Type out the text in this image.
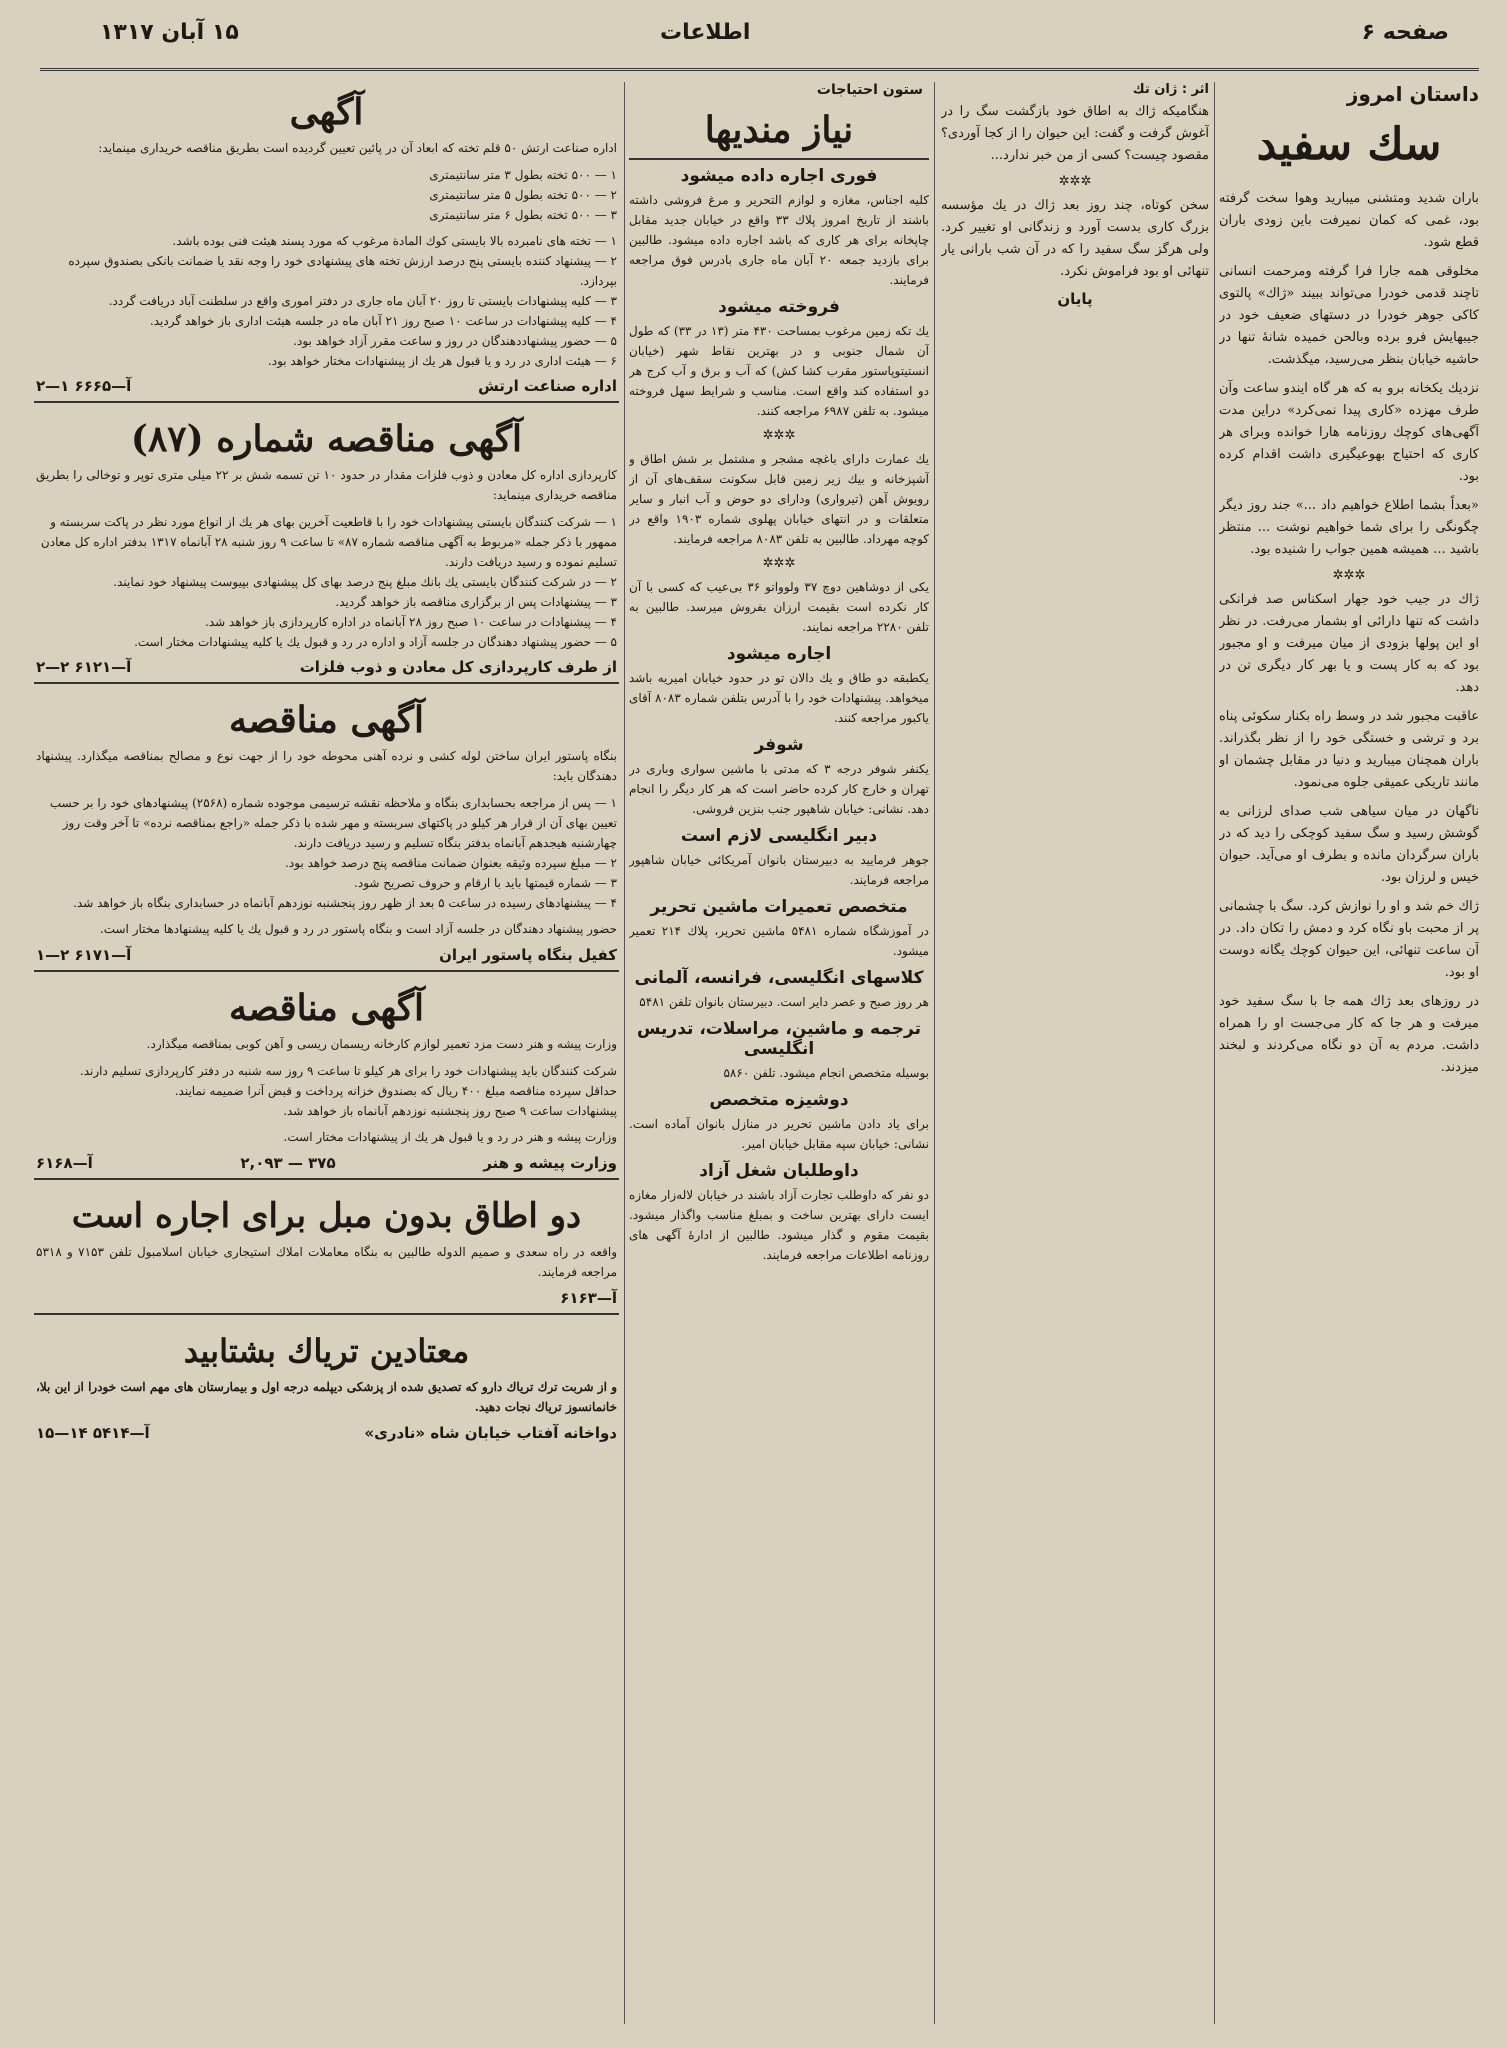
صفحه ۶
اطلاعات
۱۵ آبان ۱۳۱۷
داستان امروز
سك سفيد

باران شدید ومتشنی میبارید وهوا سخت گرفته بود، غمی که کمان نمیرفت باین زودی باران قطع شود.

مخلوقی همه جارا فرا گرفته ومرحمت انسانی تاچند قدمی خودرا می‌تواند ببیند «ژاك» پالتوی کاکی جوهر خودرا در دستهای ضعیف خود در جیبهایش فرو برده وبالحن خمیده شانهٔ تنها در حاشیه خیابان بنظر می‌رسید، میگذشت.

نزدیك یکخانه برو به که هر گاه ایندو ساعت وآن طرف مهزده «کاری پیدا نمی‌کرد» دراین مدت آگهی‌های کوچك روزنامه هارا خوانده وبرای هر کاری که احتیاج بهوعیگیری داشت اقدام کرده بود.

«بعداً بشما اطلاع خواهیم داد ...» جند روز دیگر چگونگی را برای شما خواهیم نوشت ... منتظر باشید ... همیشه همین جواب را شنیده بود.

✲✲✲

ژاك در جیب خود جهار اسکناس صد فرانکی داشت که تنها دارائی او بشمار می‌رفت. در نظر او این پولها بزودی از میان میرفت و او مجبور بود که به کار پست و یا بهر کار دیگری تن در دهد.

عاقبت مجبور شد در وسط راه بکنار سکوئی پناه برد و ترشی و خستگی خود را از نظر بگذراند. باران همچنان میبارید و دنیا در مقابل چشمان او مانند تاریکی عمیقی جلوه می‌نمود.

ناگهان در میان سیاهی شب صدای لرزانی به گوشش رسید و سگ سفید کوچکی را دید که در باران سرگردان مانده و بطرف او می‌آید. حیوان خیس و لرزان بود.

ژاك خم شد و او را نوازش کرد. سگ با چشمانی پر از محبت باو نگاه کرد و دمش را تکان داد. در آن ساعت تنهائی، این حیوان کوچك یگانه دوست او بود.

در روزهای بعد ژاك همه جا با سگ سفید خود میرفت و هر جا که کار می‌جست او را همراه داشت. مردم به آن دو نگاه می‌کردند و لبخند میزدند.

اثر : ژان تك

هنگامیکه ژاك به اطاق خود بازگشت سگ را در آغوش گرفت و گفت: این حیوان را از کجا آوردی؟ مقصود چیست؟ کسی از من خبر ندارد...

✲✲✲

سخن کوتاه، چند روز بعد ژاك در یك مؤسسه بزرگ کاری بدست آورد و زندگانی او تغییر کرد. ولی هرگز سگ سفید را که در آن شب بارانی یار تنهائی او بود فراموش نکرد.

پایان
ستون احتیاجات
نیاز مندیها
فوری اجاره داده میشود

کلیه اجناس، مغازه و لوازم التحریر و مرغ فروشی داشته باشند از تاریخ امروز پلاك ۳۳ واقع در خیابان جدید مقابل چاپخانه برای هر کاری که باشد اجاره داده میشود. طالبین برای بازدید جمعه ۲۰ آبان ماه جاری بادرس فوق مراجعه فرمایند.

فروخته میشود

یك تکه زمین مرغوب بمساحت ۴۳۰ متر (۱۳ در ۳۳) که طول آن شمال جنوبی و در بهترین نقاط شهر (خیابان انستیتوپاستور مقرب کشا کش) که آب و برق و آب کرج هر دو استفاده کند واقع است. مناسب و شرایط سهل فروخته میشود. به تلفن ۶۹۸۷ مراجعه کنند.

✲✲✲

یك عمارت دارای باغچه مشجر و مشتمل بر شش اطاق و آشپزخانه و بیك زیر زمین قابل سکونت سقف‌های آن از رویوش آهن (تیرواری) ودارای دو حوض و آب انبار و سایر متعلقات و در انتهای خیابان پهلوی شماره ۱۹۰۳ واقع در کوچه مهرداد. طالبین به تلفن ۸۰۸۳ مراجعه فرمایند.

✲✲✲

یکی از دوشاهین دوچ ۳۷ ولوواتو ۳۶ بی‌عیب که کسی با آن کار نکرده است بقیمت ارزان بفروش میرسد. طالبین به تلفن ۲۲۸۰ مراجعه نمایند.

اجاره میشود

یکطبقه دو طاق و یك دالان تو در حدود خیابان امیریه باشد میخواهد. پیشنهادات خود را با آدرس بتلفن شماره ۸۰۸۳ آقای یاکبور مراجعه کنند.

شوفر

یکنفر شوفر درجه ۳ که مدتی با ماشین سواری وباری در تهران و خارج کار کرده حاضر است که هر کار دیگر را انجام دهد. نشانی: خیابان شاهپور جنب بنزین فروشی.

دبیر انگلیسی لازم است

جوهر فرمایید به دبیرستان بانوان آمریکائی خیابان شاهپور مراجعه فرمایند.

متخصص تعمیرات ماشین تحریر

در آموزشگاه شماره ۵۴۸۱ ماشین تحریر، پلاك ۲۱۴ تعمیر میشود.

کلاسهای انگلیسی، فرانسه، آلمانی

هر روز صبح و عصر دایر است. دبیرستان بانوان تلفن ۵۴۸۱

ترجمه و ماشین، مراسلات، تدریس انگلیسی

بوسیله متخصص انجام میشود. تلفن ۵۸۶۰

دوشیزه متخصص

برای یاد دادن ماشین تحریر در منازل بانوان آماده است. نشانی: خیابان سپه مقابل خیابان امیر.

داوطلبان شغل آزاد

دو نفر که داوطلب تجارت آزاد باشند در خیابان لاله‌زار مغازه ایست دارای بهترین ساخت و بمبلغ مناسب واگذار میشود. بقیمت مقوم و گذار میشود. طالبین از ادارهٔ آگهی های روزنامه اطلاعات مراجعه فرمایند.

آگهی

اداره صناعت ارتش ۵۰ قلم تخته که ابعاد آن در پائین تعیین گردیده است بطریق مناقصه خریداری مینماید:

۱ — ۵۰۰ تخته بطول ۳ متر سانتیمتری
۲ — ۵۰۰ تخته بطول ۵ متر سانتیمتری
۳ — ۵۰۰ تخته بطول ۶ متر سانتیمتری
۱ — تخته های نامبرده بالا بایستی کوك المادة مرغوب که مورد پسند هیئت فنی بوده باشد.
۲ — پیشنهاد کننده بایستی پنج درصد ارزش تخته های پیشنهادی خود را وجه نقد یا ضمانت بانکی بصندوق سپرده بپردازد.
۳ — کلیه پیشنهادات بایستی تا روز ۲۰ آبان ماه جاری در دفتر اموری واقع در سلطنت آباد دریافت گردد.
۴ — کلیه پیشنهادات در ساعت ۱۰ صبح روز ۲۱ آبان ماه در جلسه هیئت اداری باز خواهد گردید.
۵ — حضور پیشنهاددهندگان در روز و ساعت مقرر آزاد خواهد بود.
۶ — هیئت اداری در رد و یا قبول هر یك از پیشنهادات مختار خواهد بود.
اداره صناعت ارتش
آ—۶۶۶۵ ۱—۲
آگهی مناقصه شماره (۸۷)

کارپردازی اداره کل معادن و ذوب فلزات مقدار در حدود ۱۰ تن تسمه شش بر ۲۲ میلی متری توپر و توخالی را بطریق مناقصه خریداری مینماید:

۱ — شرکت کنندگان بایستی پیشنهادات خود را با قاطعیت آخرین بهای هر یك از انواع مورد نظر در پاکت سربسته و ممهور با ذکر جمله «مربوط به آگهی مناقصه شماره ۸۷» تا ساعت ۹ روز شنبه ۲۸ آبانماه ۱۳۱۷ بدفتر اداره کل معادن تسلیم نموده و رسید دریافت دارند.
۲ — در شرکت کنندگان بایستی یك بانك مبلغ پنج درصد بهای کل پیشنهادی بپیوست پیشنهاد خود نمایند.
۳ — پیشنهادات پس از برگزاری مناقصه باز خواهد گردید.
۴ — پیشنهادات در ساعت ۱۰ صبح روز ۲۸ آبانماه در اداره کارپردازی باز خواهد شد.
۵ — حضور پیشنهاد دهندگان در جلسه آزاد و اداره در رد و قبول یك یا کلیه پیشنهادات مختار است.
از طرف کارپردازی کل معادن و ذوب فلزات
آ—۶۱۲۱ ۲—۲
آگهی مناقصه

بنگاه پاستور ایران ساختن لوله کشی و نرده آهنی محوطه خود را از جهت نوع و مصالح بمناقصه میگذارد. پیشنهاد دهندگان باید:

۱ — پس از مراجعه بحسابداری بنگاه و ملاحظه نقشه ترسیمی موجوده شماره (۲۵۶۸) پیشنهادهای خود را بر حسب تعیین بهای آن از قرار هر کیلو در پاکتهای سربسته و مهر شده با ذکر جمله «راجع بمناقصه نرده» تا آخر وقت روز چهارشنبه هیجدهم آبانماه بدفتر بنگاه تسلیم و رسید دریافت دارند.
۲ — مبلغ سپرده وثیقه بعنوان ضمانت مناقصه پنج درصد خواهد بود.
۳ — شماره قیمتها باید با ارقام و حروف تصریح شود.
۴ — پیشنهادهای رسیده در ساعت ۵ بعد از ظهر روز پنجشنبه نوزدهم آبانماه در حسابداری بنگاه باز خواهد شد.

حضور پیشنهاد دهندگان در جلسه آزاد است و بنگاه پاستور در رد و قبول یك یا کلیه پیشنهادها مختار است.

کفیل بنگاه پاستور ایران
آ—۶۱۷۱ ۲—۱
آگهی مناقصه

وزارت پیشه و هنر دست مزد تعمیر لوازم کارخانه ریسمان ریسی و آهن کوبی بمناقصه میگذارد.

شرکت کنندگان باید پیشنهادات خود را برای هر کیلو تا ساعت ۹ روز سه شنبه در دفتر کارپردازی تسلیم دارند.
حداقل سپرده مناقصه مبلغ ۴۰۰ ریال که بصندوق خزانه پرداخت و قبض آنرا ضمیمه نمایند.
پیشنهادات ساعت ۹ صبح روز پنجشنبه نوزدهم آبانماه باز خواهد شد.

وزارت پیشه و هنر در رد و یا قبول هر یك از پیشنهادات مختار است.

وزارت پیشه و هنر
۳۷۵ — ۲,۰۹۳
آ—۶۱۶۸
دو اطاق بدون مبل برای اجاره است

واقعه در راه سعدی و صمیم الدوله طالبین به بنگاه معاملات املاك استیجاری خیابان اسلامبول تلفن ۷۱۵۳ و ۵۳۱۸ مراجعه فرمایند.

آ—۶۱۶۳
معتادین تریاك بشتابید

و از شربت ترك تریاك دارو که تصدیق شده از پزشکی دیپلمه درجه اول و بیمارستان های مهم است خودرا از این بلا، خانمانسوز تریاك نجات دهید.

دواخانه آفتاب خیابان شاه «نادری»
آ—۵۴۱۴ ۱۴—۱۵
